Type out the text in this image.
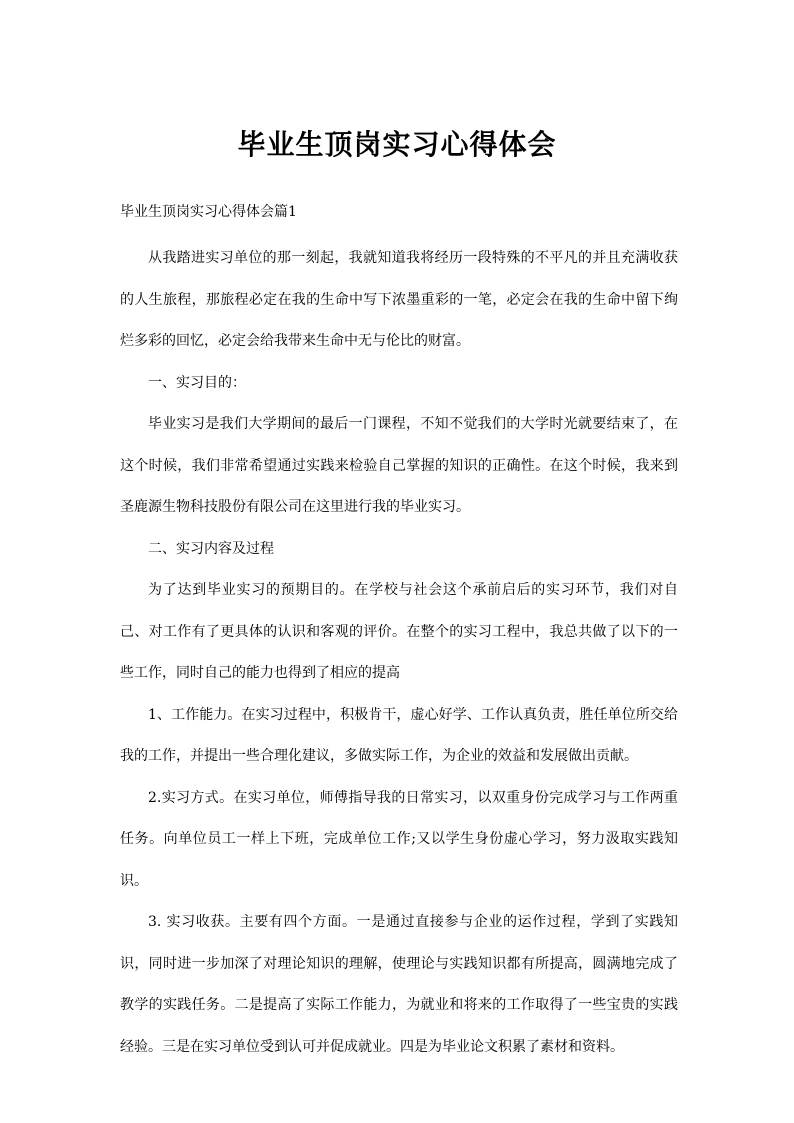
毕业生顶岗实习心得体会

毕业生顶岗实习心得体会篇1

从我踏进实习单位的那一刻起，我就知道我将经历一段特殊的不平凡的并且充满收获的人生旅程，那旅程必定在我的生命中写下浓墨重彩的一笔，必定会在我的生命中留下绚烂多彩的回忆，必定会给我带来生命中无与伦比的财富。

一、实习目的：

毕业实习是我们大学期间的最后一门课程，不知不觉我们的大学时光就要结束了，在这个时候，我们非常希望通过实践来检验自己掌握的知识的正确性。在这个时候，我来到圣鹿源生物科技股份有限公司在这里进行我的毕业实习。

二、实习内容及过程

为了达到毕业实习的预期目的。在学校与社会这个承前启后的实习环节，我们对自己、对工作有了更具体的认识和客观的评价。在整个的实习工程中，我总共做了以下的一些工作，同时自己的能力也得到了相应的提高

1、工作能力。在实习过程中，积极肯干，虚心好学、工作认真负责，胜任单位所交给我的工作，并提出一些合理化建议，多做实际工作，为企业的效益和发展做出贡献。

2.实习方式。在实习单位，师傅指导我的日常实习，以双重身份完成学习与工作两重任务。向单位员工一样上下班，完成单位工作;又以学生身份虚心学习，努力汲取实践知识。

3. 实习收获。主要有四个方面。一是通过直接参与企业的运作过程，学到了实践知识，同时进一步加深了对理论知识的理解，使理论与实践知识都有所提高，圆满地完成了教学的实践任务。二是提高了实际工作能力，为就业和将来的工作取得了一些宝贵的实践经验。三是在实习单位受到认可并促成就业。四是为毕业论文积累了素材和资料。
